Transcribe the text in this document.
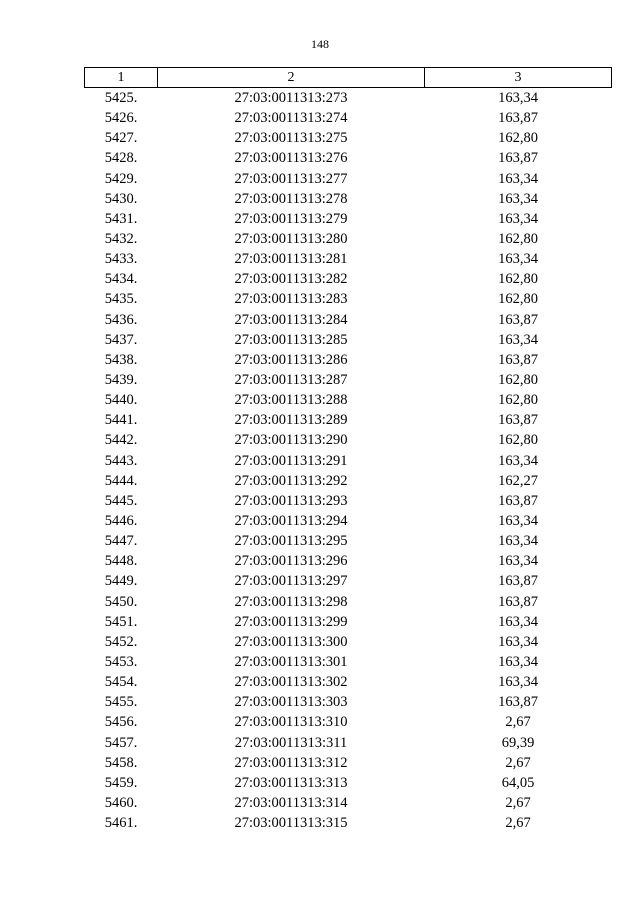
148
1	2	3
5425.	27:03:0011313:273	163,34
5426.	27:03:0011313:274	163,87
5427.	27:03:0011313:275	162,80
5428.	27:03:0011313:276	163,87
5429.	27:03:0011313:277	163,34
5430.	27:03:0011313:278	163,34
5431.	27:03:0011313:279	163,34
5432.	27:03:0011313:280	162,80
5433.	27:03:0011313:281	163,34
5434.	27:03:0011313:282	162,80
5435.	27:03:0011313:283	162,80
5436.	27:03:0011313:284	163,87
5437.	27:03:0011313:285	163,34
5438.	27:03:0011313:286	163,87
5439.	27:03:0011313:287	162,80
5440.	27:03:0011313:288	162,80
5441.	27:03:0011313:289	163,87
5442.	27:03:0011313:290	162,80
5443.	27:03:0011313:291	163,34
5444.	27:03:0011313:292	162,27
5445.	27:03:0011313:293	163,87
5446.	27:03:0011313:294	163,34
5447.	27:03:0011313:295	163,34
5448.	27:03:0011313:296	163,34
5449.	27:03:0011313:297	163,87
5450.	27:03:0011313:298	163,87
5451.	27:03:0011313:299	163,34
5452.	27:03:0011313:300	163,34
5453.	27:03:0011313:301	163,34
5454.	27:03:0011313:302	163,34
5455.	27:03:0011313:303	163,87
5456.	27:03:0011313:310	2,67
5457.	27:03:0011313:311	69,39
5458.	27:03:0011313:312	2,67
5459.	27:03:0011313:313	64,05
5460.	27:03:0011313:314	2,67
5461.	27:03:0011313:315	2,67
